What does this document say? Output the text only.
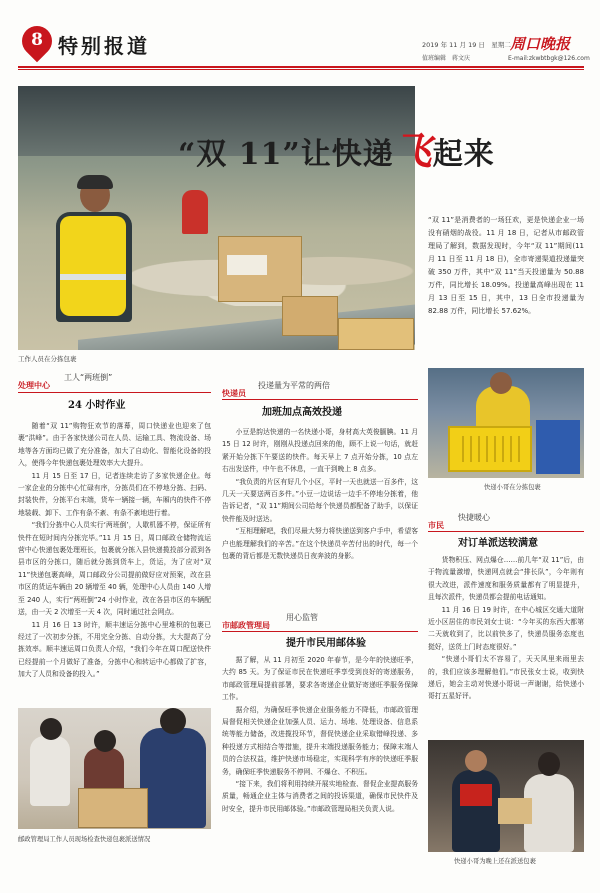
8 特别报道	2019 年 11 月 19 日　星期二 周口晚报
值班编辑　蒋文庆	E-mail:zkwbtbgk@126.com
“双 11”让快递飞起来
工作人员在分拣包裹
“双 11”是消费者的一场狂欢，更是快递企业一场没有硝烟的战役。11 月 18 日，记者从市邮政管理局了解到，数据发现时，今年“双 11”期间(11 月 11 日至 11 月 18 日)，全市寄递渠道投递量突破 350 万件，其中“双 11”当天投递量为 50.88 万件，同比增长 18.09%。投递量高峰出现在 11 月 13 日至 15 日，其中，13 日全市投递量为 82.88 万件，同比增长 57.62%。
处理中心
工人“两班倒”
24 小时作业

随着“双 11”购物狂欢节的落幕，周口快递业也迎来了包裹“洪峰”。由于各家快递公司在人员、运输工具、物流设备、场地等各方面均已做了充分准备，加大了自动化、智能化设备的投入，使得今年快递包裹处理效率大大提升。

11 月 15 日至 17 日，记者连续走访了多家快递企业。每一家企业的分拣中心忙碌有序，分拣员们在不停地分拣、扫码、封装快件，分拣平台末端，货车一辆接一辆，车厢内的快件不停地装载、卸下、工作有条不紊、有条不紊地进行着。

“我们分拣中心人员实行‘两班倒’，人歇机器不停，保证所有快件在短时间内分拣完毕。”11 月 15 日，周口邮政仓储物流运营中心快递包裹处理班长，包裹就分拣入县快递揽投部分派到各县市区的分拣口，随后就分拣到货车上，货运，为了应对“双 11”快递包裹高峰，周口邮政分公司提前做好应对预案，改在县市区的货运车辆由 20 辆增至 40 辆，处理中心人员由 140 人增至 240 人，实行“两班倒”24 小时作业，改在各县市区的车辆配送，由一天 2 次增至一天 4 次，同时通过社会网点。

11 月 16 日 13 时许，顺丰速运分拣中心里堆积的包裹已经过了一次初步分拣，不用完全分拣、自动分拣，大大提高了分拣效率。顺丰速运周口负责人介绍，“我们今年在周口配送快件已经提前一个月做好了准备，分拣中心和转运中心都做了扩容，加大了人员和设备的投入。”

快递员
投递量为平常的两倍
加班加点高效投递

小豆是韵达快递的一名快递小哥，身材高大英俊腼腆。11 月 15 日 12 时许，刚刚从投递点回来的他，顾不上说一句话，就赶紧开始分拣下午要送的快件。每天早上 7 点开始分拣，10 点左右出发送件，中午也不休息，一直干到晚上 8 点多。

“我负责的片区有好几个小区，平时一天也就送一百多件，这几天一天要送两百多件。”小豆一边说话一边手不停地分拣着，他告诉记者，“双 11”期间公司给每个快递员都配备了助手，以保证快件能及时送达。

“互相理解吧，我们尽最大努力将快递送到客户手中，希望客户也能理解我们的辛苦。”在这个快递员辛苦付出的时代，每一个包裹的背后都是无数快递员日夜奔波的身影。

市邮政管理局
用心监管
提升市民用邮体验

据了解，从 11 月初至 2020 年春节，是今年的快递旺季，大约 85 天。为了保证市民在快递旺季享受到良好的寄递服务，市邮政管理局提前部署，要求各寄递企业做好寄递旺季服务保障工作。

据介绍，为确保旺季快递企业服务能力不降低，市邮政管理局督促相关快递企业加强人员、运力、场地、处理设备、信息系统等能力储备，改进揽投环节，督促快递企业采取错峰投递、多种投递方式相结合等措施，提升末端投递服务能力；保障末端人员的合法权益，维护快递市场稳定，实现科学有序的快递旺季服务，确保旺季快递服务不停网、不爆仓、不积压。

“接下来，我们将利用持续开展实地检查、督促企业提高服务质量，畅通企业主体与消费者之间的投诉渠道，确保市民快件及时安全，提升市民用邮体验。”市邮政管理局相关负责人说。

快递小哥在分拣包裹
市民
快捷暖心
对订单派送较满意

货物积压、网点爆仓……前几年“双 11”后，由于物流量激增，快递网点就会“排长队”，今年则有很大改进，派件速度和服务质量都有了明显提升，且每次派件，快递员都会提前电话通知。

11 月 16 日 19 时许，在中心城区交通大道附近小区居住的市民刘女士说：“今年买的东西大都第二天就收到了，比以前快多了，快递员服务态度也挺好，送货上门时态度很好。”

“快递小哥们太不容易了，天天风里来雨里去的，我们应该多理解他们。”市民张女士说，收到快递后，她会主动对快递小哥说一声谢谢，给快递小哥打五星好评。

邮政管理局工作人员现场检查快递包裹派送情况
快递小哥为晚上还在派送包裹
